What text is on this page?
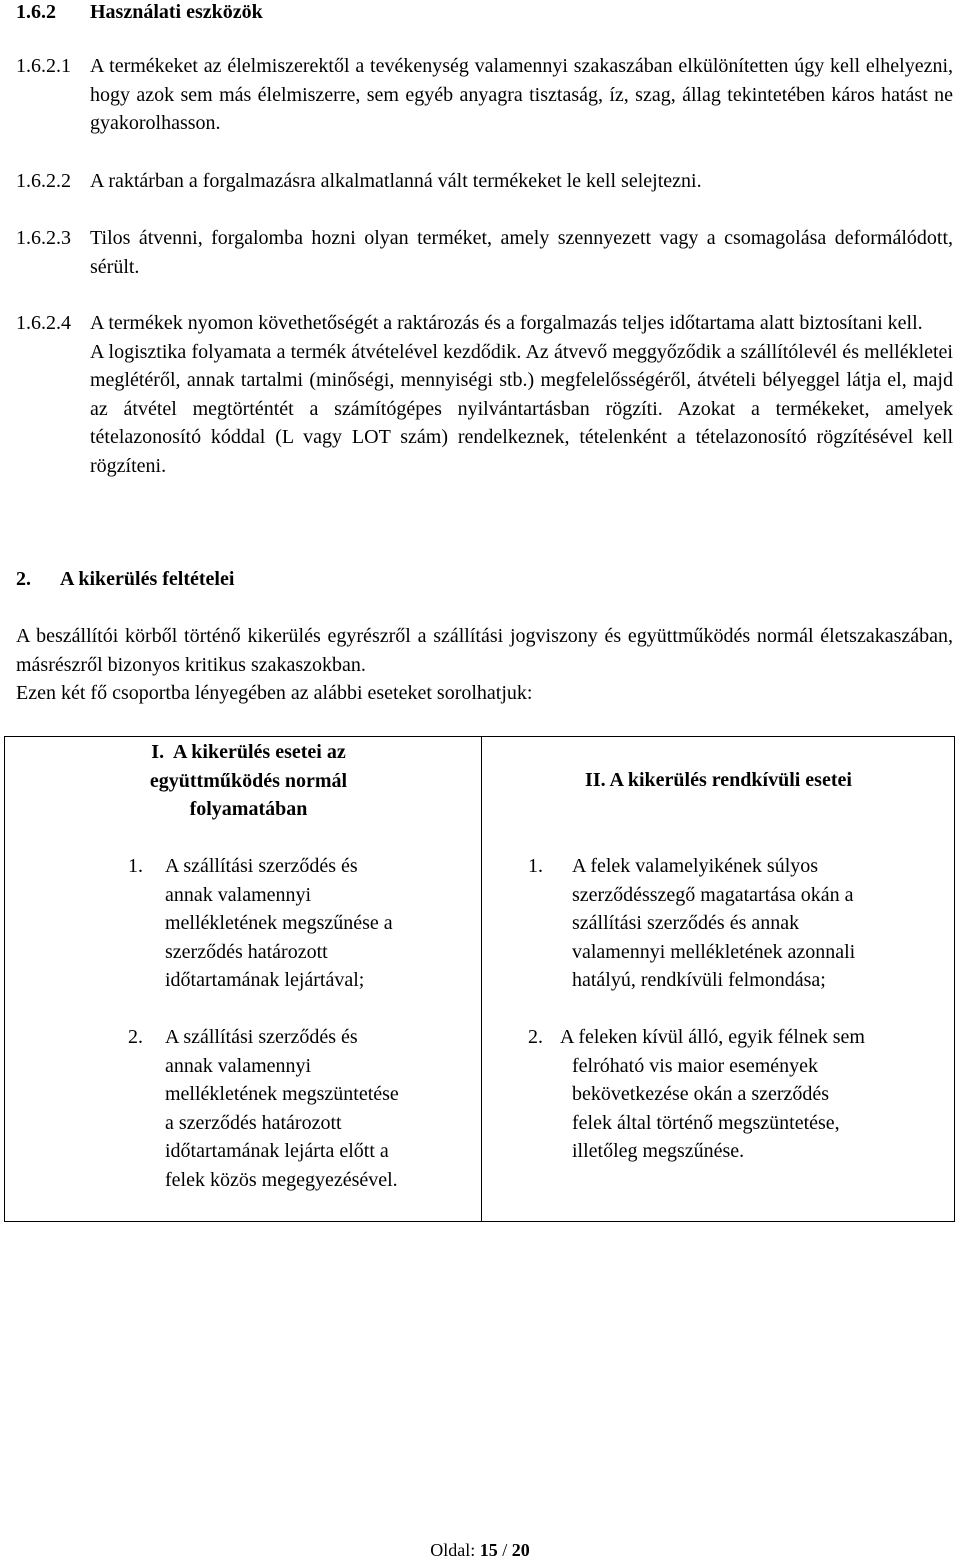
1.6.2 Használati eszközök
1.6.2.1 A termékeket az élelmiszerektől a tevékenység valamennyi szakaszában elkülönítetten úgy kell elhelyezni, hogy azok sem más élelmiszerre, sem egyéb anyagra tisztaság, íz, szag, állag tekintetében káros hatást ne gyakorolhasson.

1.6.2.2 A raktárban a forgalmazásra alkalmatlanná vált termékeket le kell selejtezni.

1.6.2.3 Tilos átvenni, forgalomba hozni olyan terméket, amely szennyezett vagy a csomagolása deformálódott, sérült.

1.6.2.4 A termékek nyomon követhetőségét a raktározás és a forgalmazás teljes időtartama alatt biztosítani kell.

A logisztika folyamata a termék átvételével kezdődik. Az átvevő meggyőződik a szállítólevél és mellékletei meglétéről, annak tartalmi (minőségi, mennyiségi stb.) megfelelősségéről, átvételi bélyeggel látja el, majd az átvétel megtörténtét a számítógépes nyilvántartásban rögzíti. Azokat a termékeket, amelyek tételazonosító kóddal (L vagy LOT szám) rendelkeznek, tételenként a tételazonosító rögzítésével kell rögzíteni.

2. A kikerülés feltételei

A beszállítói körből történő kikerülés egyrészről a szállítási jogviszony és együttműködés normál életszakaszában, másrészről bizonyos kritikus szakaszokban.

Ezen két fő csoportba lényegében az alábbi eseteket sorolhatjuk:

I.  A kikerülés esetei az
együttműködés normál
folyamatában
II. A kikerülés rendkívüli esetei
1. A szállítási szerződés és
annak valamennyi
mellékletének megszűnése a
szerződés határozott
időtartamának lejártával;
2. A szállítási szerződés és
annak valamennyi
mellékletének megszüntetése
a szerződés határozott
időtartamának lejárta előtt a
felek közös megegyezésével.
1. A felek valamelyikének súlyos
szerződésszegő magatartása okán a
szállítási szerződés és annak
valamennyi mellékletének azonnali
hatályú, rendkívüli felmondása;
2. A feleken kívül álló, egyik félnek sem
felróható vis maior események
bekövetkezése okán a szerződés
felek által történő megszüntetése,
illetőleg megszűnése.
Oldal: 15 / 20
